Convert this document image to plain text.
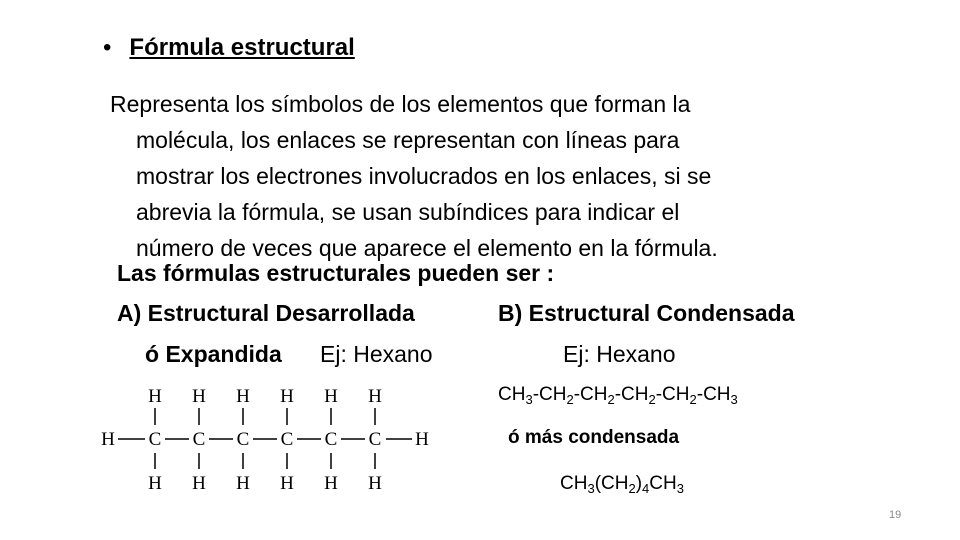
• Fórmula estructural
Representa los símbolos de los elementos que forman la
molécula, los enlaces se representan con líneas para
mostrar los electrones involucrados en los enlaces, si se
abrevia la fórmula, se usan subíndices para indicar el
número de veces que aparece el elemento en la fórmula.
Las fórmulas estructurales pueden ser :
A) Estructural Desarrollada
ó Expandida Ej: Hexano
B) Estructural Condensada
Ej: Hexano
$CH_3-CH_2-CH_2-CH_2-CH_2-CH_3$
ó más condensada
$CH_3(CH_2)_4CH_3$
H	H
H
C
H
H
C
H
H
C
H
H
C
H
H
C
H
H
C
H
19
